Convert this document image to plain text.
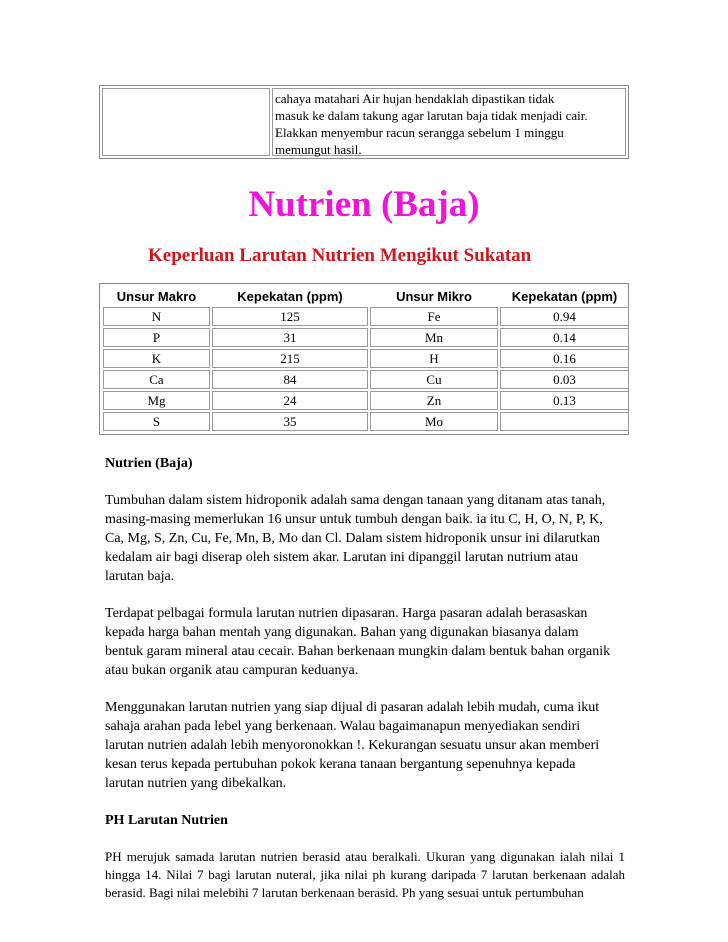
cahaya matahari Air hujan hendaklah dipastikan tidak
masuk ke dalam takung agar larutan baja tidak menjadi cair.
Elakkan menyembur racun serangga sebelum 1 minggu
memungut hasil.
Nutrien (Baja)
Keperluan Larutan Nutrien Mengikut Sukatan
Unsur Makro	Kepekatan (ppm)	Unsur Mikro	Kepekatan (ppm)
N	125	Fe	0.94
P	31	Mn	0.14
K	215	H	0.16
Ca	84	Cu	0.03
Mg	24	Zn	0.13
S	35	Mo	

Nutrien (Baja)

Tumbuhan dalam sistem hidroponik adalah sama dengan tanaan yang ditanam atas tanah,
masing-masing memerlukan 16 unsur untuk tumbuh dengan baik. ia itu C, H, O, N, P, K,
Ca, Mg, S, Zn, Cu, Fe, Mn, B, Mo dan Cl. Dalam sistem hidroponik unsur ini dilarutkan
kedalam air bagi diserap oleh sistem akar. Larutan ini dipanggil larutan nutrium atau
larutan baja.

Terdapat pelbagai formula larutan nutrien dipasaran. Harga pasaran adalah berasaskan
kepada harga bahan mentah yang digunakan. Bahan yang digunakan biasanya dalam
bentuk garam mineral atau cecair. Bahan berkenaan mungkin dalam bentuk bahan organik
atau bukan organik atau campuran keduanya.

Menggunakan larutan nutrien yang siap dijual di pasaran adalah lebih mudah, cuma ikut
sahaja arahan pada lebel yang berkenaan. Walau bagaimanapun menyediakan sendiri
larutan nutrien adalah lebih menyoronokkan !. Kekurangan sesuatu unsur akan memberi
kesan terus kepada pertubuhan pokok kerana tanaan bergantung sepenuhnya kepada
larutan nutrien yang dibekalkan.

PH Larutan Nutrien

PH merujuk samada larutan nutrien berasid atau beralkali. Ukuran yang digunakan ialah nilai 1 hingga 14. Nilai 7 bagi larutan nuteral, jika nilai ph kurang daripada 7 larutan berkenaan adalah berasid. Bagi nilai melebihi 7 larutan berkenaan berasid. Ph yang sesuai untuk pertumbuhan
